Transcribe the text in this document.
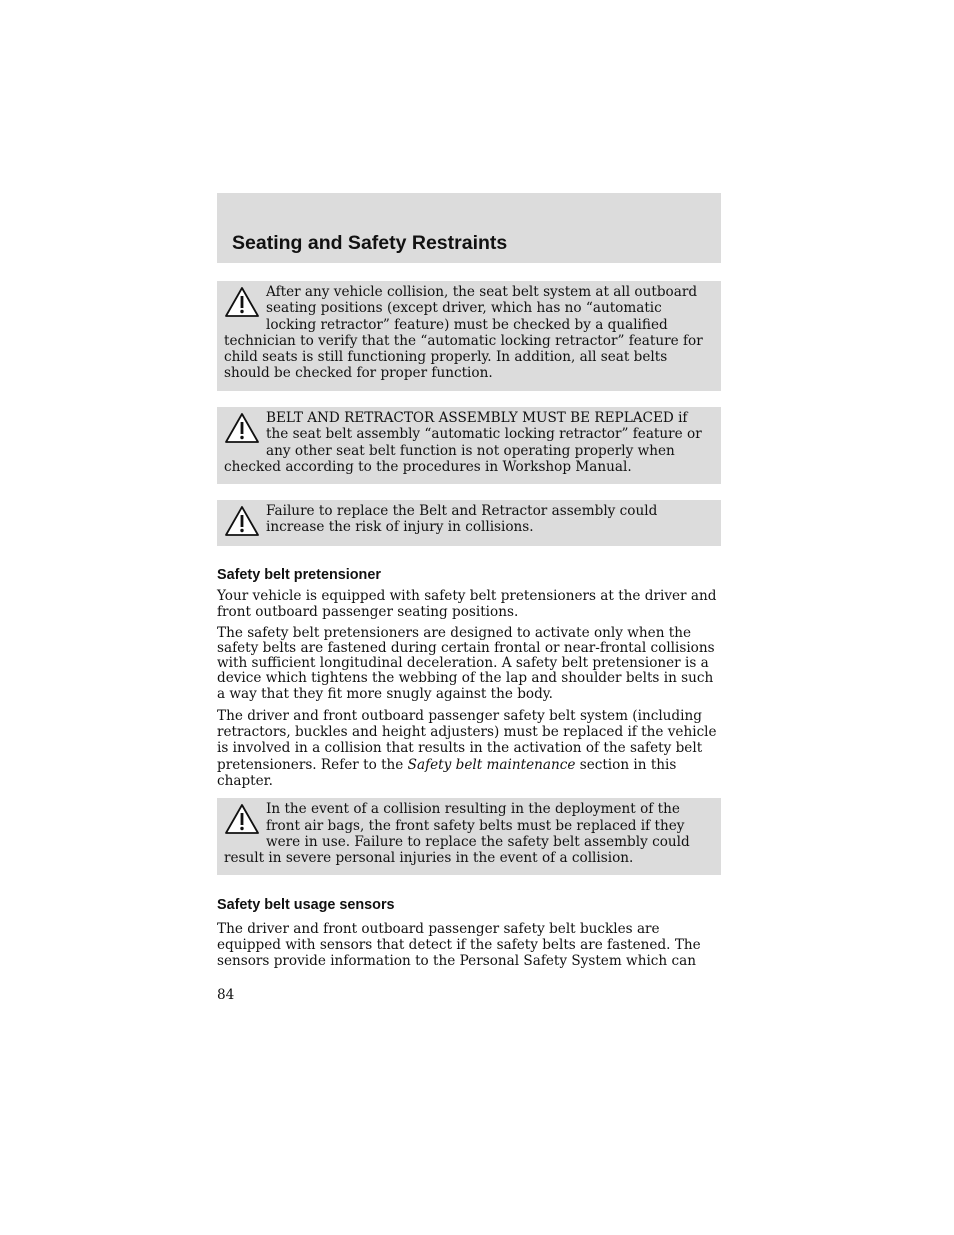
Seating and Safety Restraints

After any vehicle collision, the seat belt system at all outboard seating positions (except driver, which has no “automatic locking retractor” feature) must be checked by a qualified technician to verify that the “automatic locking retractor” feature for child seats is still functioning properly. In addition, all seat belts should be checked for proper function.

BELT AND RETRACTOR ASSEMBLY MUST BE REPLACED if the seat belt assembly “automatic locking retractor” feature or any other seat belt function is not operating properly when checked according to the procedures in Workshop Manual.

Failure to replace the Belt and Retractor assembly could increase the risk of injury in collisions.

Safety belt pretensioner

Your vehicle is equipped with safety belt pretensioners at the driver and front outboard passenger seating positions.

The safety belt pretensioners are designed to activate only when the safety belts are fastened during certain frontal or near-frontal collisions with sufficient longitudinal deceleration. A safety belt pretensioner is a device which tightens the webbing of the lap and shoulder belts in such a way that they fit more snugly against the body.

The driver and front outboard passenger safety belt system (including retractors, buckles and height adjusters) must be replaced if the vehicle is involved in a collision that results in the activation of the safety belt pretensioners. Refer to the Safety belt maintenance section in this chapter.

In the event of a collision resulting in the deployment of the front air bags, the front safety belts must be replaced if they were in use. Failure to replace the safety belt assembly could result in severe personal injuries in the event of a collision.

Safety belt usage sensors

The driver and front outboard passenger safety belt buckles are equipped with sensors that detect if the safety belts are fastened. The sensors provide information to the Personal Safety System which can

84
